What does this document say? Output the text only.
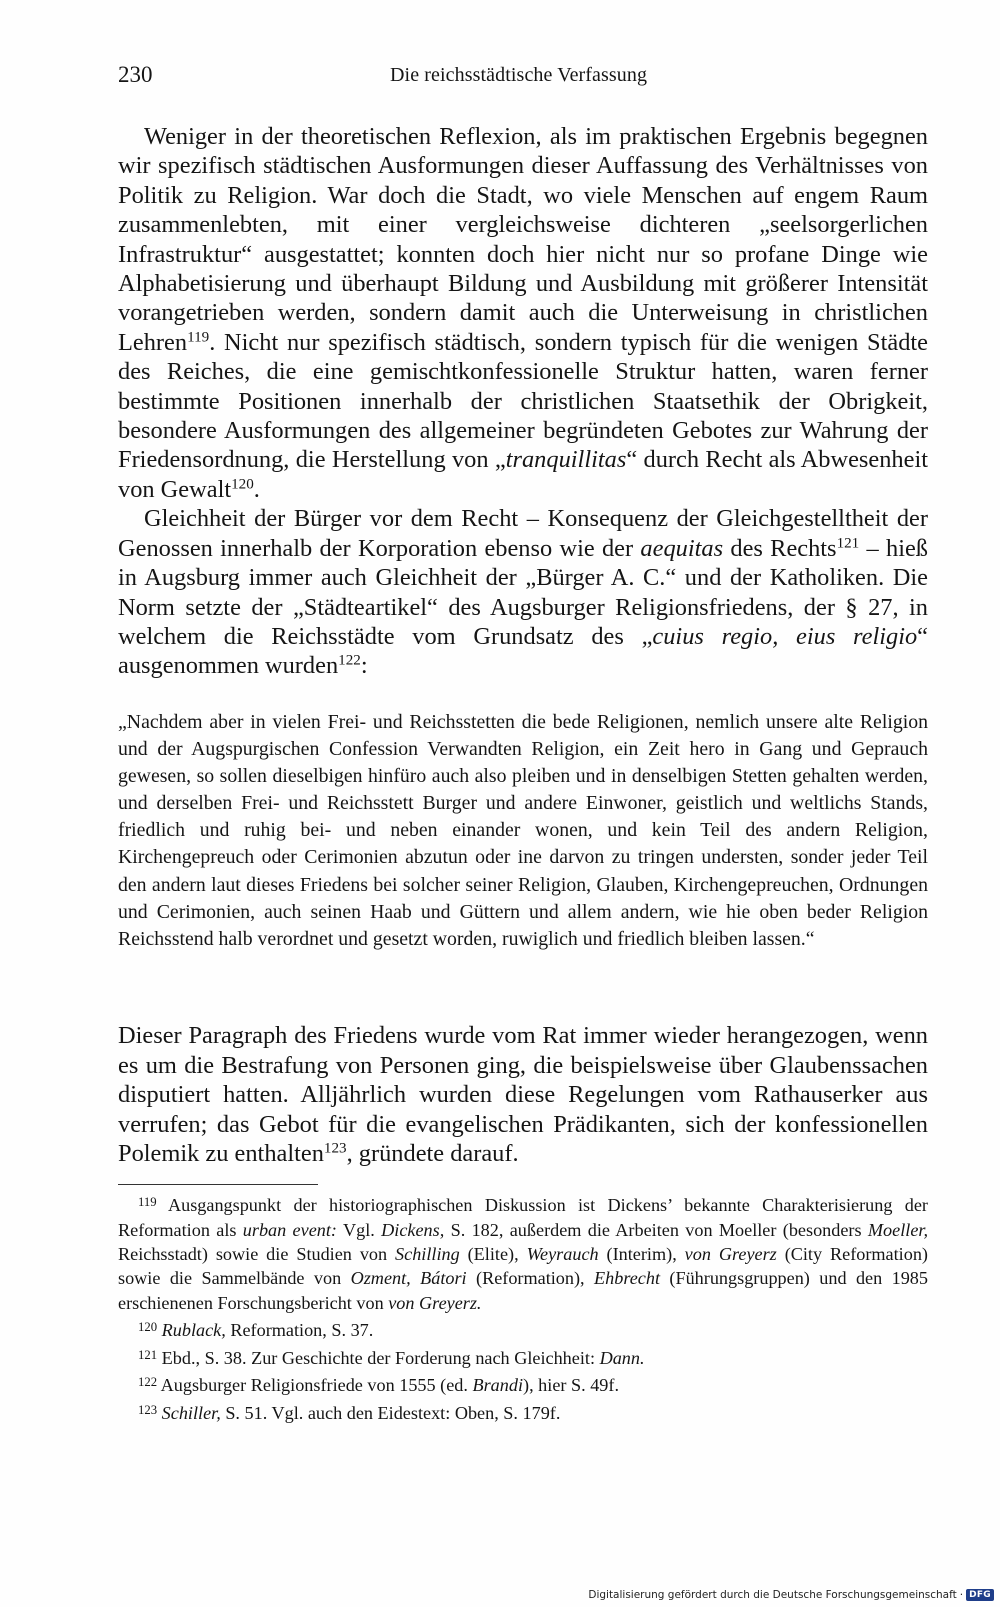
230	Die reichsstädtische Verfassung

Weniger in der theoretischen Reflexion, als im praktischen Ergebnis begegnen wir spezifisch städtischen Ausformungen dieser Auffassung des Verhältnisses von Politik zu Religion. War doch die Stadt, wo viele Menschen auf engem Raum zusammenlebten, mit einer vergleichsweise dichteren „seelsorgerlichen Infrastruktur“ ausgestattet; konnten doch hier nicht nur so profane Dinge wie Alphabetisierung und überhaupt Bildung und Ausbildung mit größerer Intensität vorangetrieben werden, sondern damit auch die Unterweisung in christlichen Lehren$^{119}$. Nicht nur spezifisch städtisch, sondern typisch für die wenigen Städte des Reiches, die eine gemischtkonfessionelle Struktur hatten, waren ferner bestimmte Positionen innerhalb der christlichen Staatsethik der Obrigkeit, besondere Ausformungen des allgemeiner begründeten Gebotes zur Wahrung der Friedensordnung, die Herstellung von „tranquillitas“ durch Recht als Abwesenheit von Gewalt$^{120}$.

Gleichheit der Bürger vor dem Recht – Konsequenz der Gleichgestelltheit der Genossen innerhalb der Korporation ebenso wie der aequitas des Rechts$^{121}$ – hieß in Augsburg immer auch Gleichheit der „Bürger A. C.“ und der Katholiken. Die Norm setzte der „Städteartikel“ des Augsburger Religionsfriedens, der § 27, in welchem die Reichsstädte vom Grundsatz des „cuius regio, eius religio“ ausgenommen wurden$^{122}$:

„Nachdem aber in vielen Frei- und Reichsstetten die bede Religionen, nemlich unsere alte Religion und der Augspurgischen Confession Verwandten Religion, ein Zeit hero in Gang und Geprauch gewesen, so sollen dieselbigen hinfüro auch also pleiben und in denselbigen Stetten gehalten werden, und derselben Frei- und Reichsstett Burger und andere Einwoner, geistlich und weltlichs Stands, friedlich und ruhig bei- und neben einander wonen, und kein Teil des andern Religion, Kirchengepreuch oder Cerimonien abzutun oder ine darvon zu tringen understen, sonder jeder Teil den andern laut dieses Friedens bei solcher seiner Religion, Glauben, Kirchengepreuchen, Ordnungen und Cerimonien, auch seinen Haab und Güttern und allem andern, wie hie oben beder Religion Reichsstend halb verordnet und gesetzt worden, ruwiglich und friedlich bleiben lassen.“

Dieser Paragraph des Friedens wurde vom Rat immer wieder herangezogen, wenn es um die Bestrafung von Personen ging, die beispielsweise über Glaubenssachen disputiert hatten. Alljährlich wurden diese Regelungen vom Rathauserker aus verrufen; das Gebot für die evangelischen Prädikanten, sich der konfessionellen Polemik zu enthalten$^{123}$, gründete darauf.

$^{119}$ Ausgangspunkt der historiographischen Diskussion ist Dickens’ bekannte Charakterisierung der Reformation als urban event: Vgl. Dickens, S. 182, außerdem die Arbeiten von Moeller (besonders Moeller, Reichsstadt) sowie die Studien von Schilling (Elite), Weyrauch (Interim), von Greyerz (City Reformation) sowie die Sammelbände von Ozment, Bátori (Reformation), Ehbrecht (Führungsgruppen) und den 1985 erschienenen Forschungsbericht von von Greyerz.

$^{120}$ Rublack, Reformation, S. 37.

$^{121}$ Ebd., S. 38. Zur Geschichte der Forderung nach Gleichheit: Dann.

$^{122}$ Augsburger Religionsfriede von 1555 (ed. Brandi), hier S. 49f.

$^{123}$ Schiller, S. 51. Vgl. auch den Eidestext: Oben, S. 179f.

Digitalisierung gefördert durch die Deutsche Forschungsgemeinschaft · DFG
